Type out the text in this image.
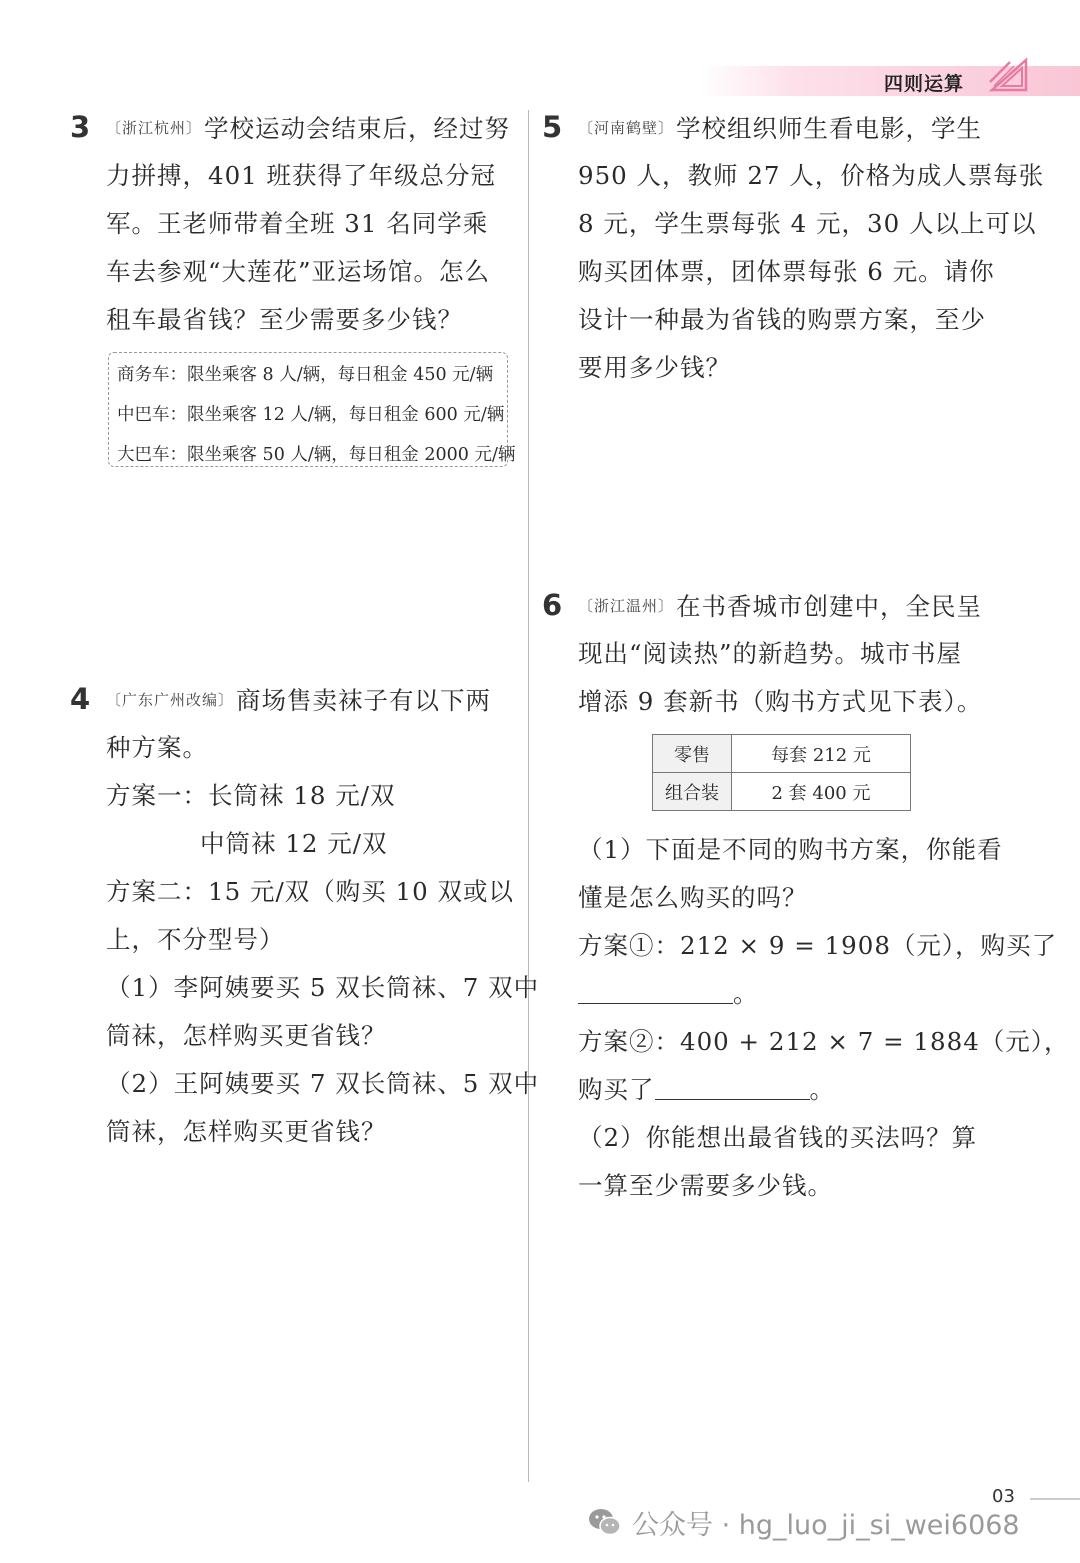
四则运算
3 〔浙江杭州〕学校运动会结束后，经过努
力拼搏，401 班获得了年级总分冠
军。王老师带着全班 31 名同学乘
车去参观“大莲花”亚运场馆。怎么
租车最省钱？至少需要多少钱？
商务车：限坐乘客 8 人/辆，每日租金 450 元/辆
中巴车：限坐乘客 12 人/辆，每日租金 600 元/辆
大巴车：限坐乘客 50 人/辆，每日租金 2000 元/辆
4 〔广东广州改编〕商场售卖袜子有以下两
种方案。
方案一：长筒袜 18 元/双
中筒袜 12 元/双
方案二：15 元/双（购买 10 双或以
上，不分型号）
（1）李阿姨要买 5 双长筒袜、7 双中
筒袜，怎样购买更省钱？
（2）王阿姨要买 7 双长筒袜、5 双中
筒袜，怎样购买更省钱？
5 〔河南鹤壁〕学校组织师生看电影，学生
950 人，教师 27 人，价格为成人票每张
8 元，学生票每张 4 元，30 人以上可以
购买团体票，团体票每张 6 元。请你
设计一种最为省钱的购票方案，至少
要用多少钱？
6 〔浙江温州〕在书香城市创建中，全民呈
现出“阅读热”的新趋势。城市书屋
增添 9 套新书（购书方式见下表）。
零售	每套 212 元
组合装	2 套 400 元
（1）下面是不同的购书方案，你能看
懂是怎么购买的吗？
方案①：212 × 9 = 1908（元），购买了
。
方案②：400 + 212 × 7 = 1884（元），
购买了	。
（2）你能想出最省钱的买法吗？算
一算至少需要多少钱。
03
公众号 · hg_luo_ji_si_wei6068
